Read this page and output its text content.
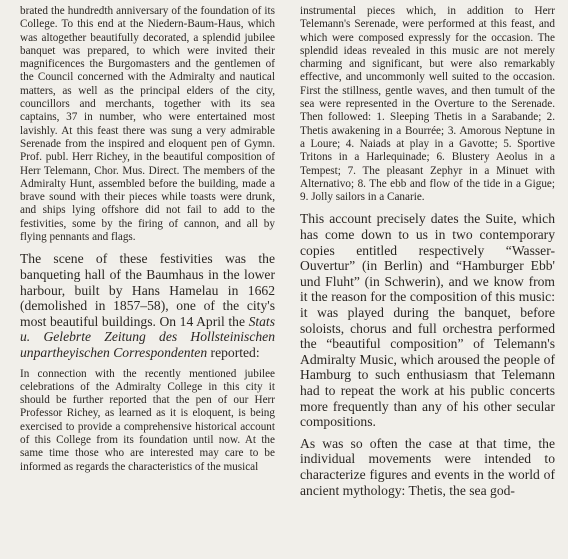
brated the hundredth anniversary of the foundation of its College. To this end at the Niedern-Baum-Haus, which was altogether beautifully decorated, a splendid jubilee banquet was prepared, to which were invited their magnificences the Burgomasters and the gentlemen of the Council concerned with the Admiralty and nautical matters, as well as the principal elders of the city, councillors and merchants, together with its sea captains, 37 in number, who were entertained most lavishly. At this feast there was sung a very admirable Serenade from the inspired and eloquent pen of Gymn. Prof. publ. Herr Richey, in the beautiful composition of Herr Telemann, Chor. Mus. Direct. The members of the Admiralty Hunt, assembled before the building, made a brave sound with their pieces while toasts were drunk, and ships lying offshore did not fail to add to the festivities, some by the firing of cannon, and all by flying pennants and flags.

The scene of these festivities was the banqueting hall of the Baumhaus in the lower harbour, built by Hans Hamelau in 1662 (demolished in 1857–58), one of the city's most beautiful buildings. On 14 April the Stats u. Gelebrte Zeitung des Hollsteinischen unpartheyischen Correspondenten reported:

In connection with the recently mentioned jubilee celebrations of the Admiralty College in this city it should be further reported that the pen of our Herr Professor Richey, as learned as it is eloquent, is being exercised to provide a comprehensive historical account of this College from its foundation until now. At the same time those who are interested may care to be informed as regards the characteristics of the musical

instrumental pieces which, in addition to Herr Telemann's Serenade, were performed at this feast, and which were composed expressly for the occasion. The splendid ideas revealed in this music are not merely charming and significant, but were also remarkably effective, and uncommonly well suited to the occasion. First the stillness, gentle waves, and then tumult of the sea were represented in the Overture to the Serenade. Then followed: 1. Sleeping Thetis in a Sarabande; 2. Thetis awakening in a Bourrée; 3. Amorous Neptune in a Loure; 4. Naiads at play in a Gavotte; 5. Sportive Tritons in a Harlequinade; 6. Blustery Aeolus in a Tempest; 7. The pleasant Zephyr in a Minuet with Alternativo; 8. The ebb and flow of the tide in a Gigue; 9. Jolly sailors in a Canarie.

This account precisely dates the Suite, which has come down to us in two contemporary copies entitled respectively “Wasser-Ouvertur” (in Berlin) and “Hamburger Ebb' und Fluht” (in Schwerin), and we know from it the reason for the composition of this music: it was played during the banquet, before soloists, chorus and full orchestra performed the “beautiful composition” of Telemann's Admiralty Music, which aroused the people of Hamburg to such enthusiasm that Telemann had to repeat the work at his public concerts more frequently than any of his other secular compositions.

As was so often the case at that time, the individual movements were intended to characterize figures and events in the world of ancient mythology: Thetis, the sea god-
